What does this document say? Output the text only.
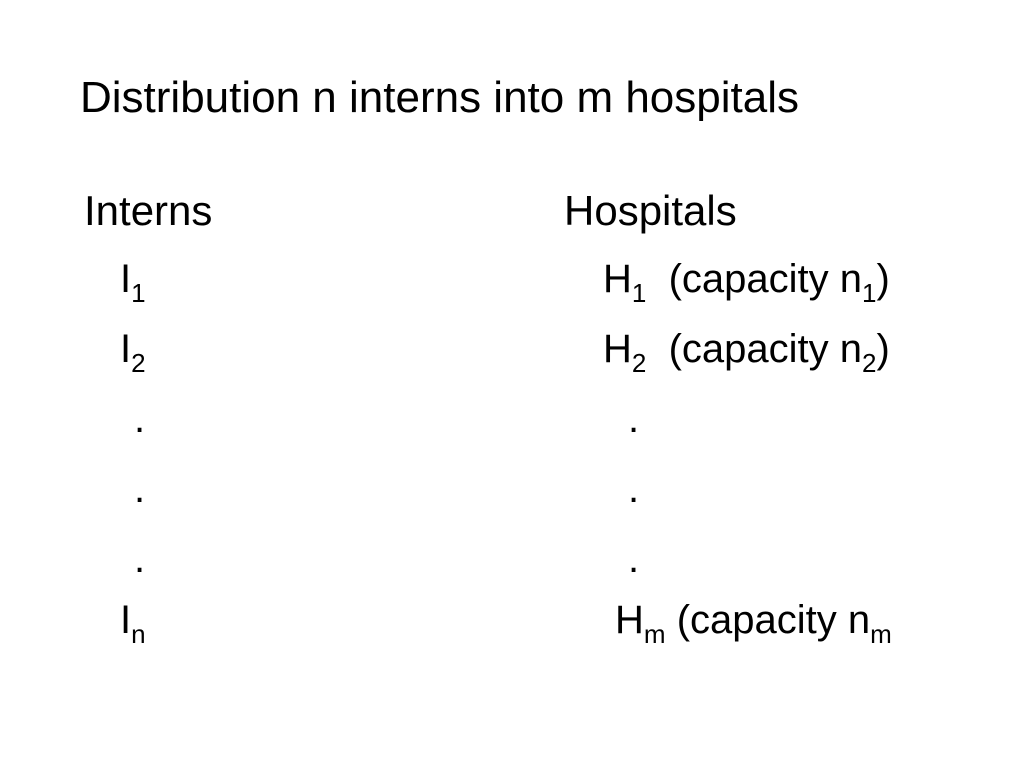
Distribution n interns into m hospitals
Interns
$I_1$
$I_2$
.
.
.
$I_n$
Hospitals
$H_1$ (capacity $n_1$)
$H_2$ (capacity $n_2$)
.
.
.
$H_m$ (capacity $n_m$
